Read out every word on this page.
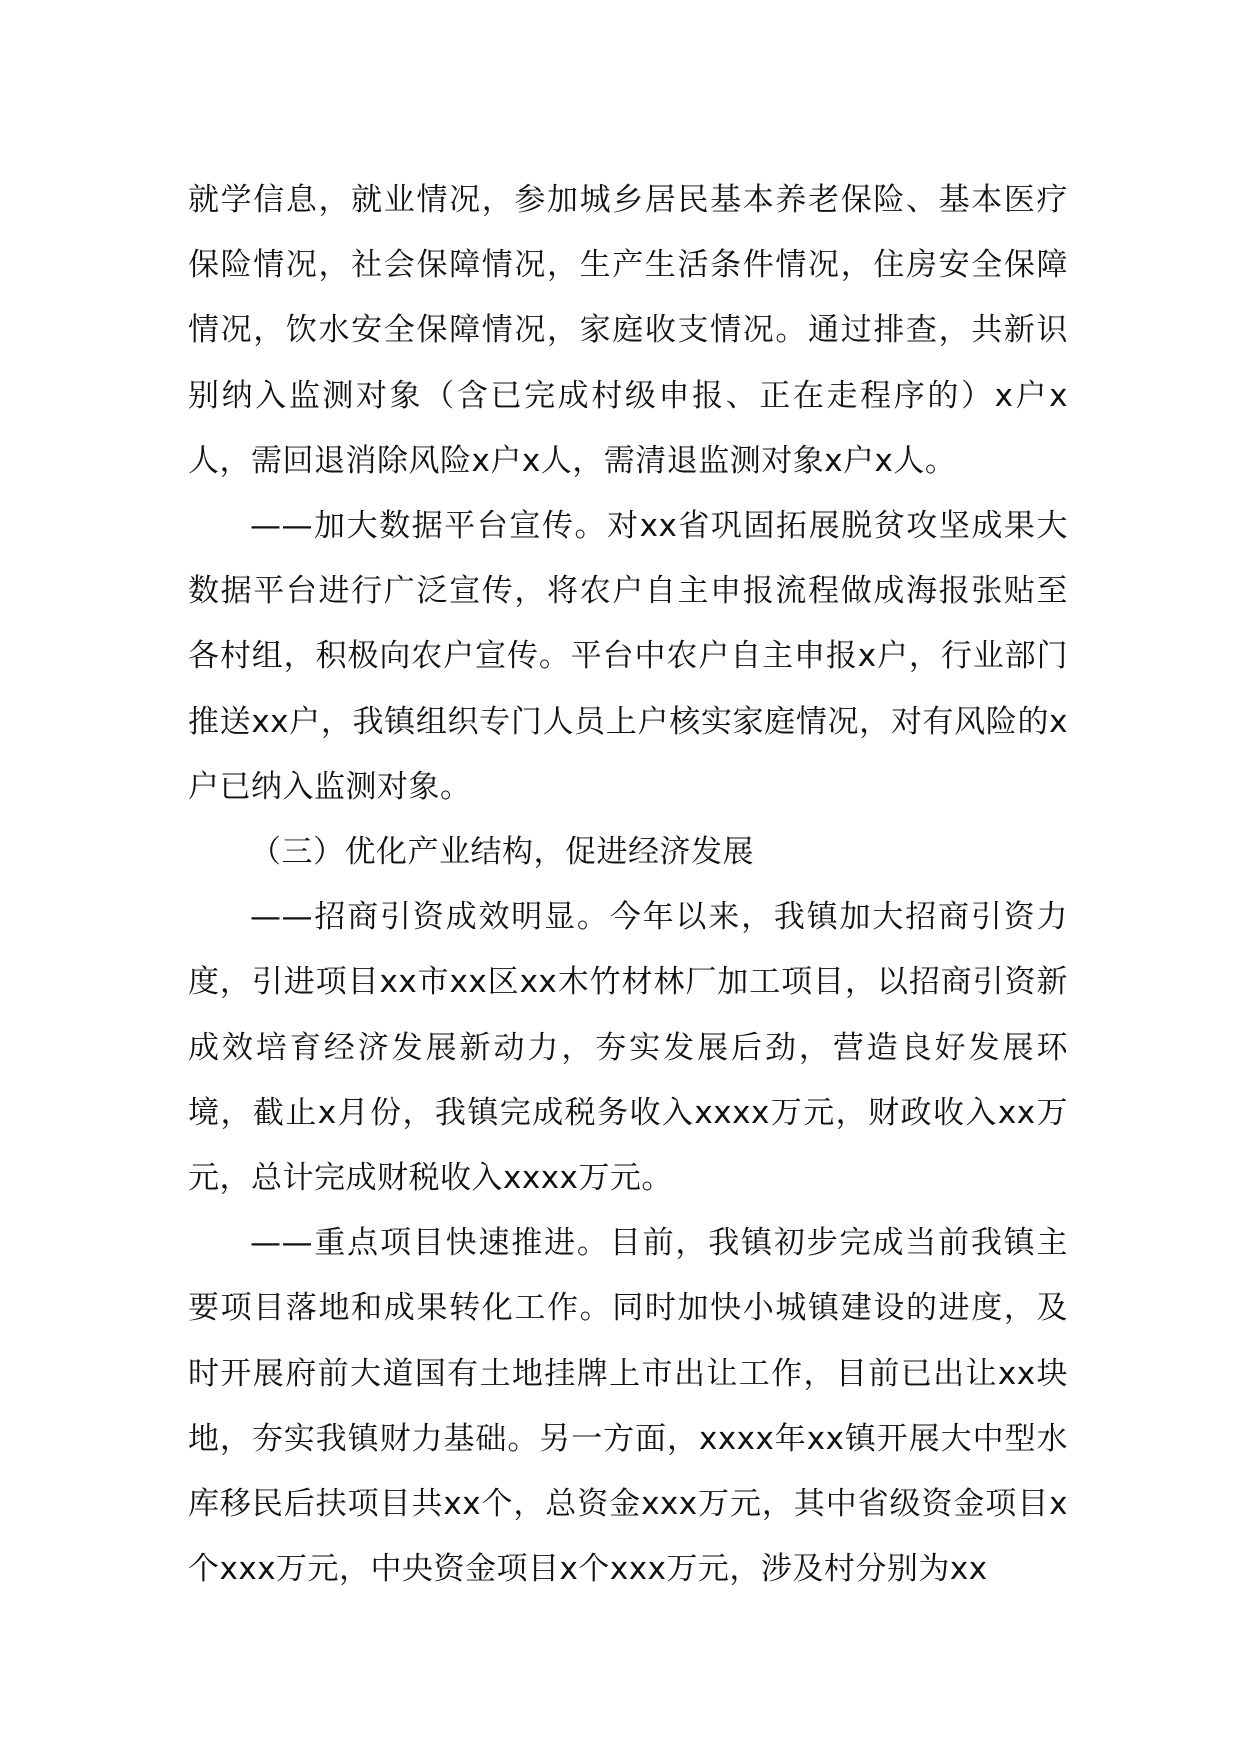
就学信息，就业情况，参加城乡居民基本养老保险、基本医疗保险情况，社会保障情况，生产生活条件情况，住房安全保障情况，饮水安全保障情况，家庭收支情况。通过排查，共新识别纳入监测对象（含已完成村级申报、正在走程序的）x户x人，需回退消除风险x户x人，需清退监测对象x户x人。

——加大数据平台宣传。对xx省巩固拓展脱贫攻坚成果大数据平台进行广泛宣传，将农户自主申报流程做成海报张贴至各村组，积极向农户宣传。平台中农户自主申报x户，行业部门推送xx户，我镇组织专门人员上户核实家庭情况，对有风险的x户已纳入监测对象。

（三）优化产业结构，促进经济发展

——招商引资成效明显。今年以来，我镇加大招商引资力度，引进项目xx市xx区xx木竹材林厂加工项目，以招商引资新成效培育经济发展新动力，夯实发展后劲，营造良好发展环境，截止x月份，我镇完成税务收入xxxx万元，财政收入xx万元，总计完成财税收入xxxx万元。

——重点项目快速推进。目前，我镇初步完成当前我镇主要项目落地和成果转化工作。同时加快小城镇建设的进度，及时开展府前大道国有土地挂牌上市出让工作，目前已出让xx块地，夯实我镇财力基础。另一方面，xxxx年xx镇开展大中型水库移民后扶项目共xx个，总资金xxx万元，其中省级资金项目x个xxx万元，中央资金项目x个xxx万元，涉及村分别为xx
